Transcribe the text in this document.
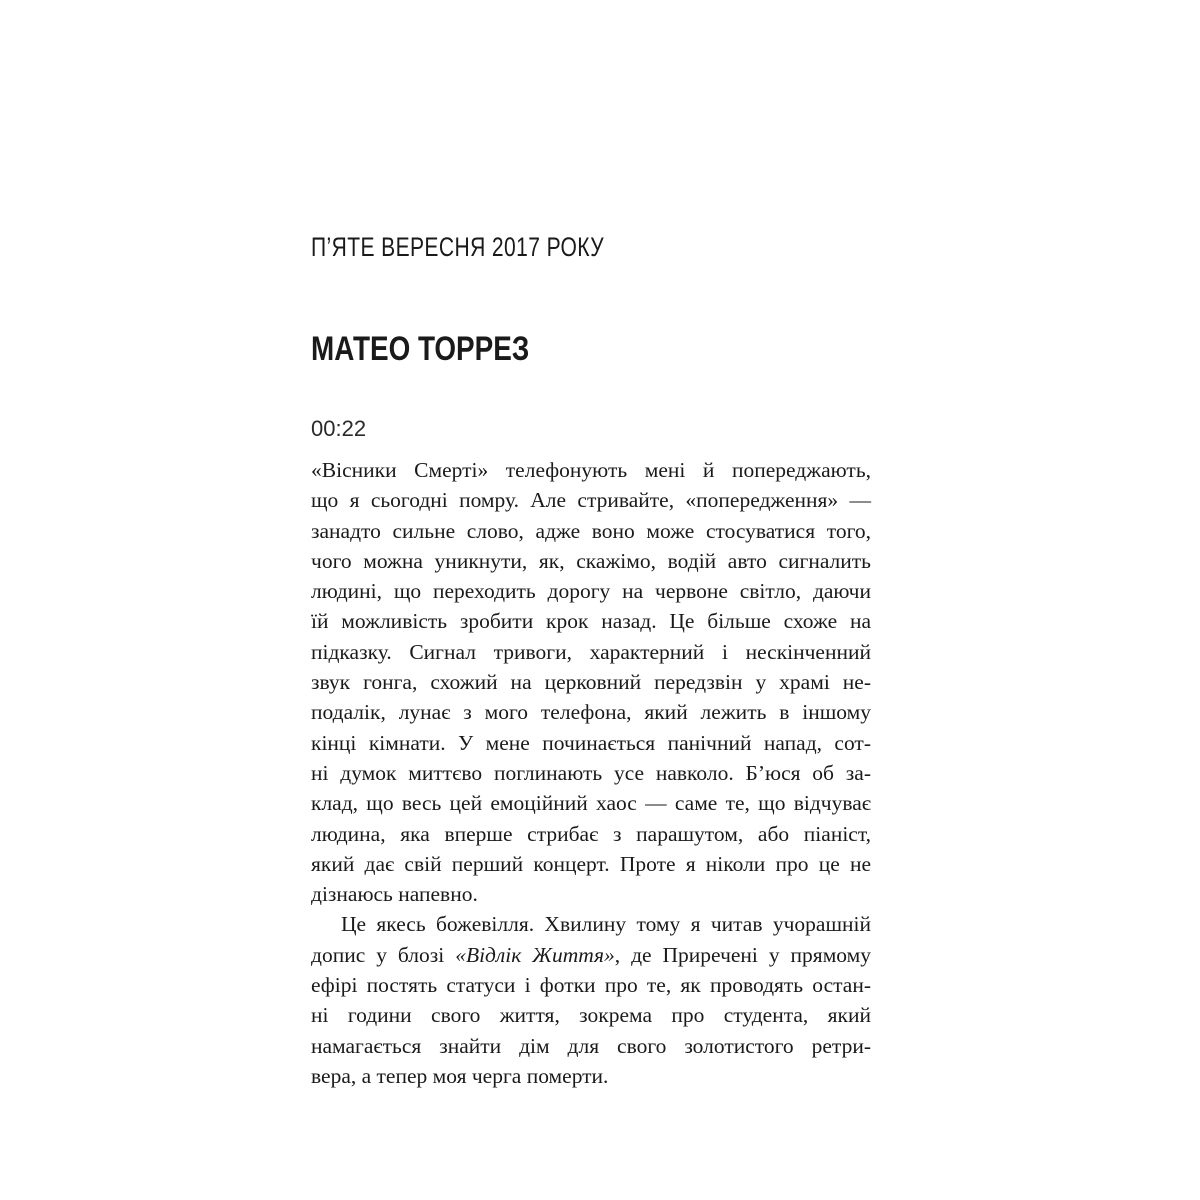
П’ЯТЕ ВЕРЕСНЯ 2017 РОКУ
МАТЕО ТОРРЕЗ
00:22
«Вісники Смерті» телефонують мені й попереджають,
що я сьогодні помру. Але стривайте, «попередження» —
занадто сильне слово, адже воно може стосуватися того,
чого можна уникнути, як, скажімо, водій авто сигналить
людині, що переходить дорогу на червоне світло, даючи
їй можливість зробити крок назад. Це більше схоже на
підказку. Сигнал тривоги, характерний і нескінченний
звук гонга, схожий на церковний передзвін у храмі не-
подалік, лунає з мого телефона, який лежить в іншому
кінці кімнати. У мене починається панічний напад, сот-
ні думок миттєво поглинають усе навколо. Б’юся об за-
клад, що весь цей емоційний хаос — саме те, що відчуває
людина, яка вперше стрибає з парашутом, або піаніст,
який дає свій перший концерт. Проте я ніколи про це не
дізнаюсь напевно.
Це якесь божевілля. Хвилину тому я читав учорашній
допис у блозі «Відлік Життя», де Приречені у прямому
ефірі постять статуси і фотки про те, як проводять остан-
ні години свого життя, зокрема про студента, який
намагається знайти дім для свого золотистого ретри-
вера, а тепер моя черга померти.
